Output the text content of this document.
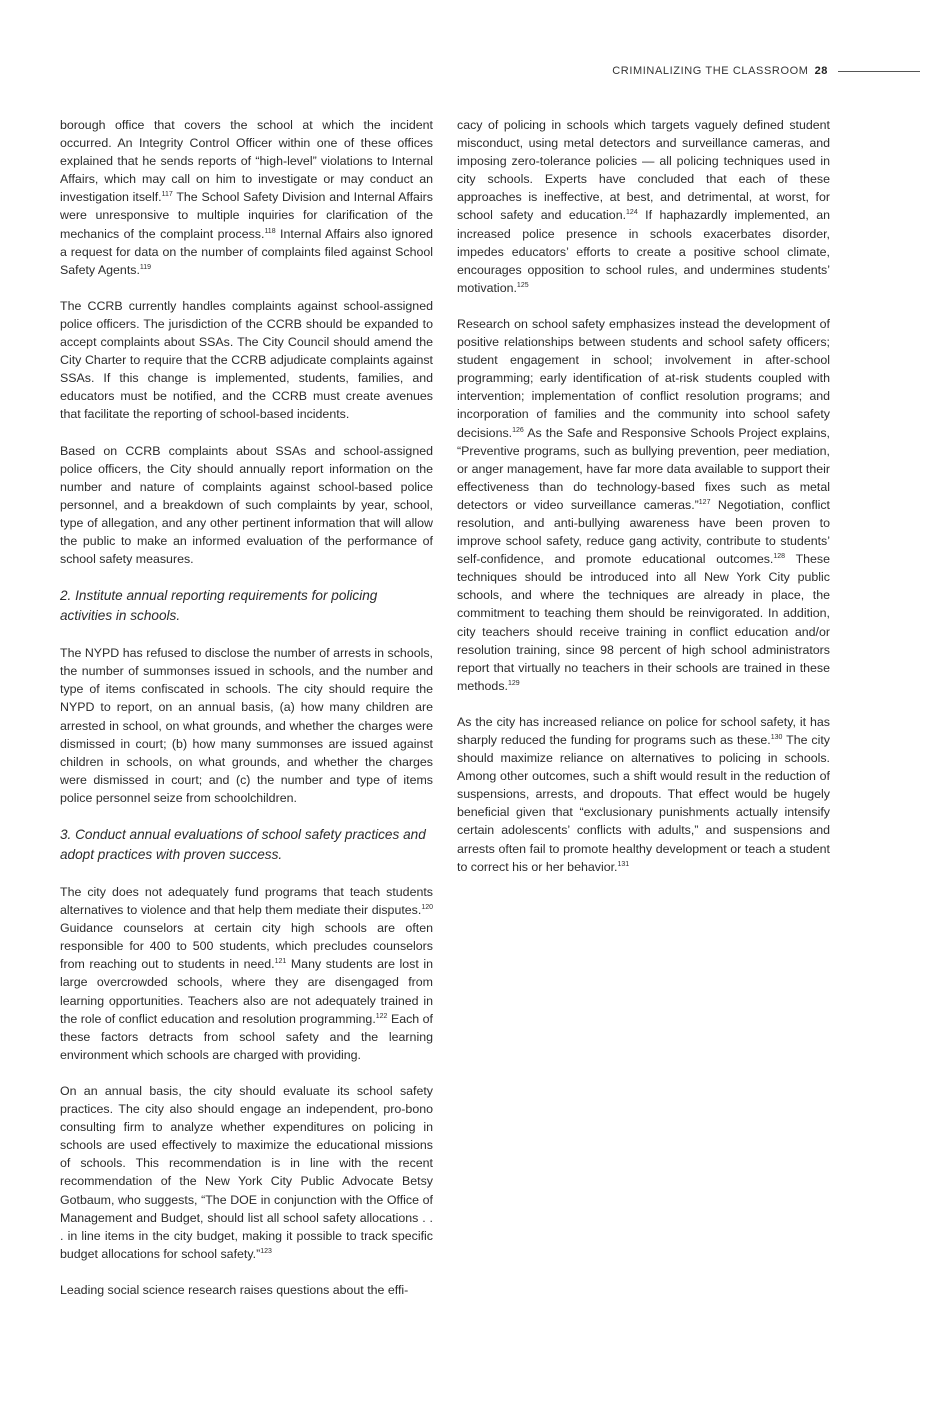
CRIMINALIZING THE CLASSROOM 28

borough office that covers the school at which the incident occurred. An Integrity Control Officer within one of these offices explained that he sends reports of “high-level” violations to Internal Affairs, which may call on him to investigate or may conduct an investigation itself.$^{117}$ The School Safety Division and Internal Affairs were unresponsive to multiple inquiries for clarification of the mechanics of the complaint process.$^{118}$ Internal Affairs also ignored a request for data on the number of complaints filed against School Safety Agents.$^{119}$

The CCRB currently handles complaints against school-assigned police officers. The jurisdiction of the CCRB should be expanded to accept complaints about SSAs. The City Council should amend the City Charter to require that the CCRB adjudicate complaints against SSAs. If this change is implemented, students, families, and educators must be notified, and the CCRB must create avenues that facilitate the reporting of school-based incidents.

Based on CCRB complaints about SSAs and school-assigned police officers, the City should annually report information on the number and nature of complaints against school-based police personnel, and a breakdown of such complaints by year, school, type of allegation, and any other pertinent information that will allow the public to make an informed evaluation of the performance of school safety measures.

2. Institute annual reporting requirements for policing activities in schools.

The NYPD has refused to disclose the number of arrests in schools, the number of summonses issued in schools, and the number and type of items confiscated in schools. The city should require the NYPD to report, on an annual basis, (a) how many children are arrested in school, on what grounds, and whether the charges were dismissed in court; (b) how many summonses are issued against children in schools, on what grounds, and whether the charges were dismissed in court; and (c) the number and type of items police personnel seize from schoolchildren.

3. Conduct annual evaluations of school safety practices and adopt practices with proven success.

The city does not adequately fund programs that teach students alternatives to violence and that help them mediate their disputes.$^{120}$ Guidance counselors at certain city high schools are often responsible for 400 to 500 students, which precludes counselors from reaching out to students in need.$^{121}$ Many students are lost in large overcrowded schools, where they are disengaged from learning opportunities. Teachers also are not adequately trained in the role of conflict education and resolution programming.$^{122}$ Each of these factors detracts from school safety and the learning environment which schools are charged with providing.

On an annual basis, the city should evaluate its school safety practices. The city also should engage an independent, pro-bono consulting firm to analyze whether expenditures on policing in schools are used effectively to maximize the educational missions of schools. This recommendation is in line with the recent recommendation of the New York City Public Advocate Betsy Gotbaum, who suggests, “The DOE in conjunction with the Office of Management and Budget, should list all school safety allocations . . . in line items in the city budget, making it possible to track specific budget allocations for school safety.”$^{123}$

Leading social science research raises questions about the effi-

cacy of policing in schools which targets vaguely defined student misconduct, using metal detectors and surveillance cameras, and imposing zero-tolerance policies — all policing techniques used in city schools. Experts have concluded that each of these approaches is ineffective, at best, and detrimental, at worst, for school safety and education.$^{124}$ If haphazardly implemented, an increased police presence in schools exacerbates disorder, impedes educators’ efforts to create a positive school climate, encourages opposition to school rules, and undermines students’ motivation.$^{125}$

Research on school safety emphasizes instead the development of positive relationships between students and school safety officers; student engagement in school; involvement in after-school programming; early identification of at-risk students coupled with intervention; implementation of conflict resolution programs; and incorporation of families and the community into school safety decisions.$^{126}$ As the Safe and Responsive Schools Project explains, “Preventive programs, such as bullying prevention, peer mediation, or anger management, have far more data available to support their effectiveness than do technology-based fixes such as metal detectors or video surveillance cameras.”$^{127}$ Negotiation, conflict resolution, and anti-bullying awareness have been proven to improve school safety, reduce gang activity, contribute to students’ self-confidence, and promote educational outcomes.$^{128}$ These techniques should be introduced into all New York City public schools, and where the techniques are already in place, the commitment to teaching them should be reinvigorated. In addition, city teachers should receive training in conflict education and/or resolution training, since 98 percent of high school administrators report that virtually no teachers in their schools are trained in these methods.$^{129}$

As the city has increased reliance on police for school safety, it has sharply reduced the funding for programs such as these.$^{130}$ The city should maximize reliance on alternatives to policing in schools. Among other outcomes, such a shift would result in the reduction of suspensions, arrests, and dropouts. That effect would be hugely beneficial given that “exclusionary punishments actually intensify certain adolescents’ conflicts with adults,” and suspensions and arrests often fail to promote healthy development or teach a student to correct his or her behavior.$^{131}$
